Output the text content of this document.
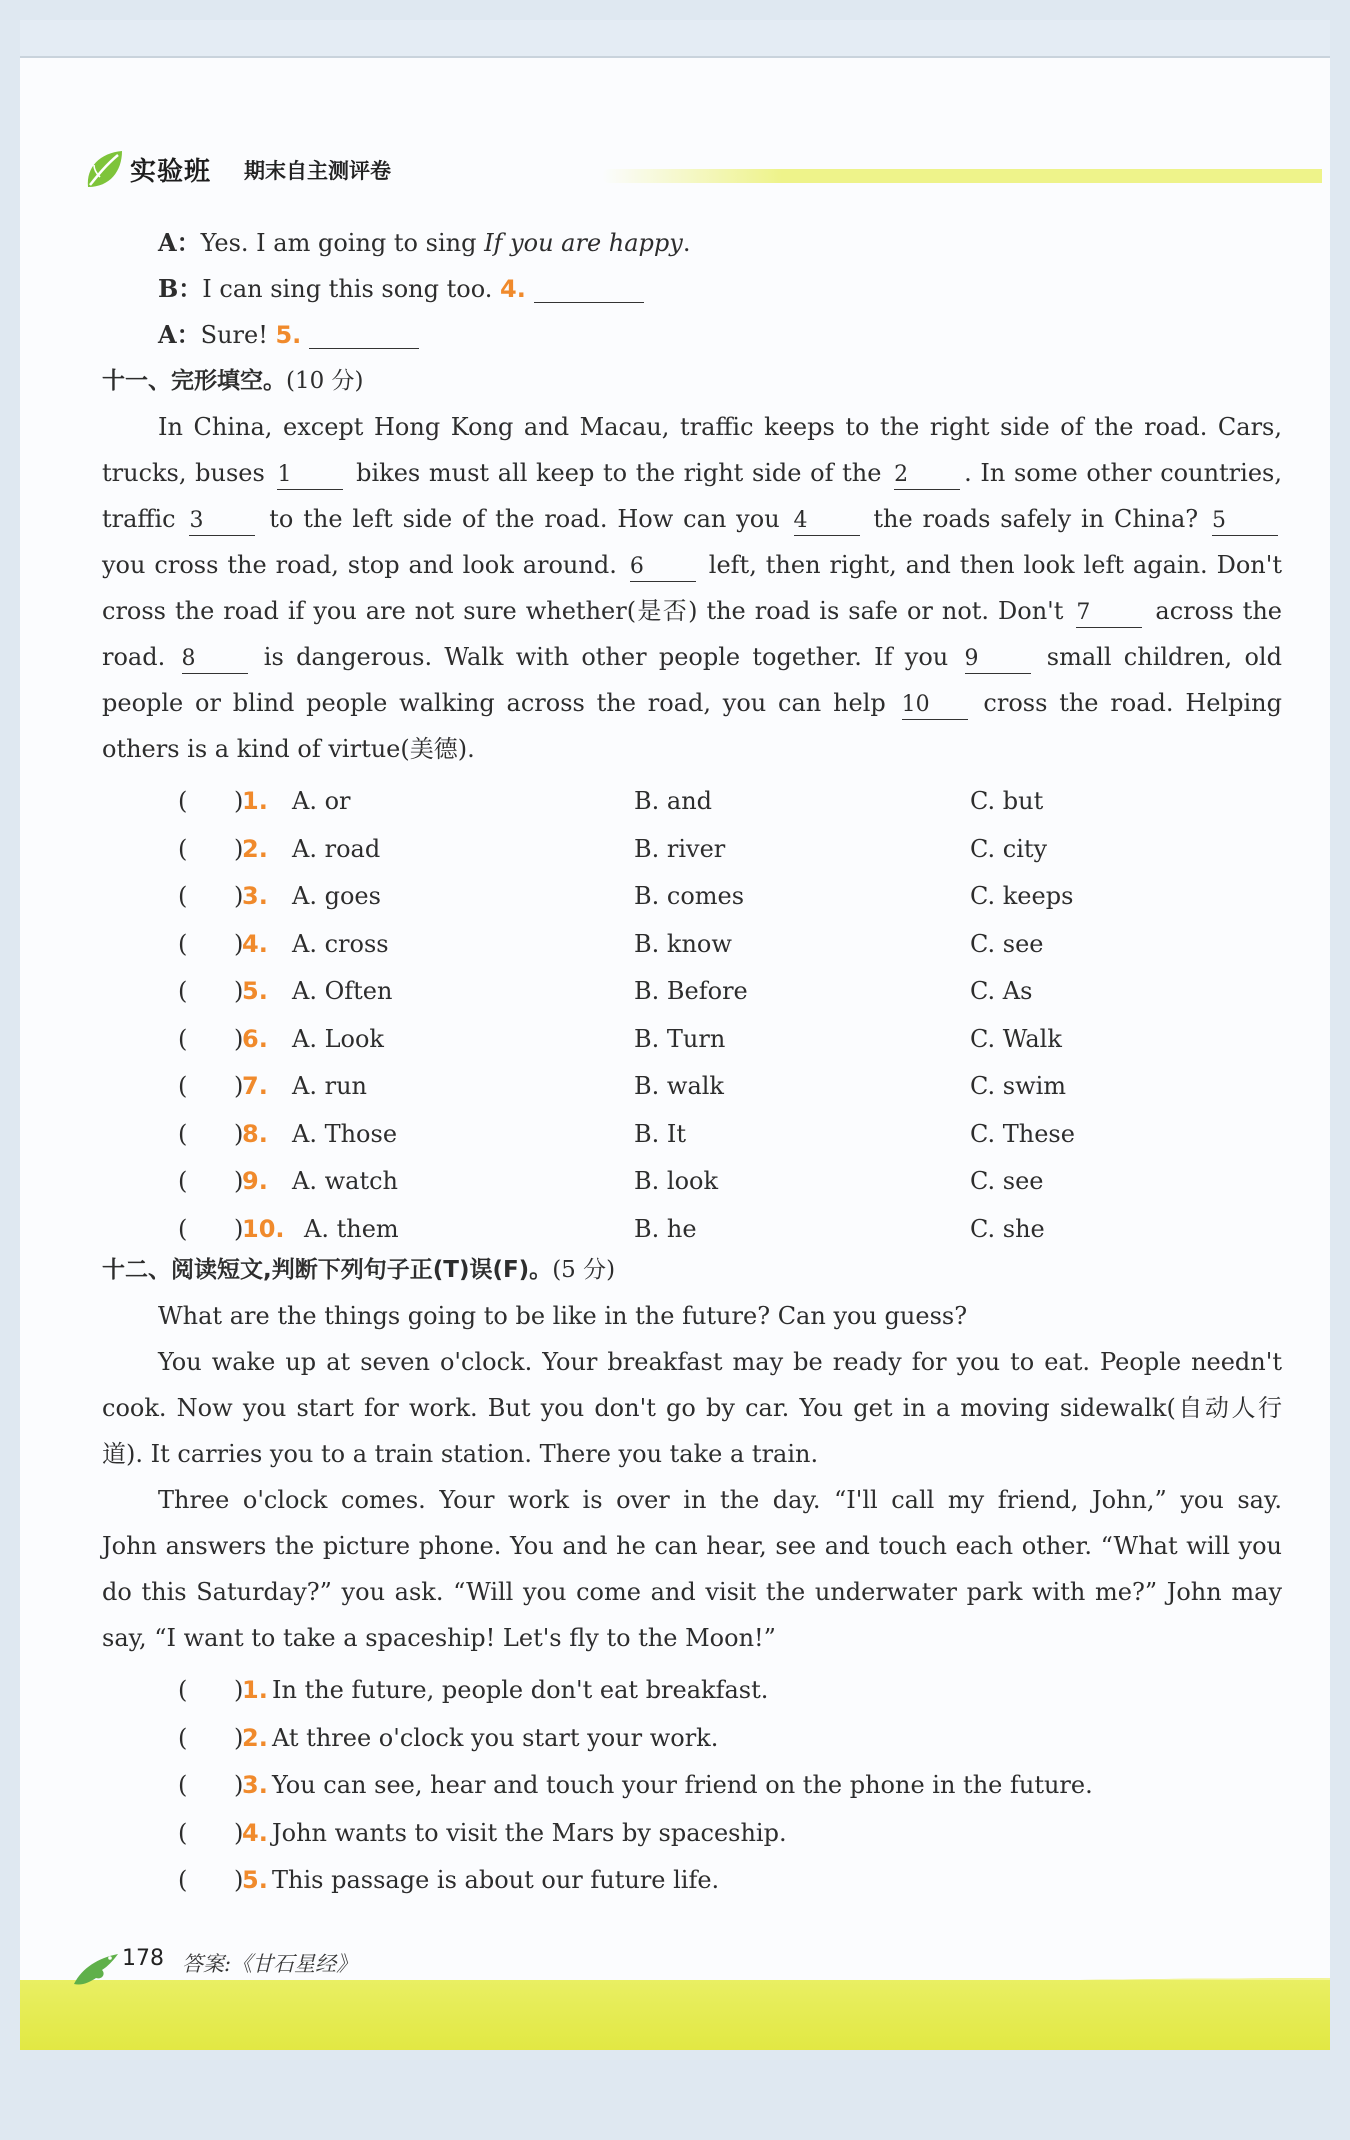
实验班 期末自主测评卷
A：Yes. I am going to sing If you are happy.
B：I can sing this song too. 4.
A：Sure! 5.
十一、完形填空。(10 分)
In China, except Hong Kong and Macau, traffic keeps to the right side of the road. Cars,
trucks, buses 1	bikes must all keep to the right side of the 2 . In some other countries,
traffic 3	to the left side of the road. How can you 4	the roads safely in China? 5
you cross the road, stop and look around. 6	left, then right, and then look left again. Don't
cross the road if you are not sure whether(是否) the road is safe or not. Don't 7	across the
road. 8	is dangerous. Walk with other people together. If you 9	small children, old
people or blind people walking across the road, you can help 10 cross the road. Helping
others is a kind of virtue(美德).
( )
1. A. or	B. and	C. but
( )
2. A. road	B. river	C. city
( )
3. A. goes	B. comes	C. keeps
( )
4. A. cross	B. know	C. see
( )
5. A. Often	B. Before	C. As
( )
6. A. Look	B. Turn	C. Walk
( )
7. A. run	B. walk	C. swim
( )
8. A. Those	B. It	C. These
( )
9. A. watch	B. look	C. see
( )
10. A. them	B. he	C. she
十二、阅读短文,判断下列句子正(T)误(F)。(5 分)
What are the things going to be like in the future? Can you guess?
You wake up at seven o'clock. Your breakfast may be ready for you to eat. People needn't
cook. Now you start for work. But you don't go by car. You get in a moving sidewalk(自动人行
道). It carries you to a train station. There you take a train.
Three o'clock comes. Your work is over in the day. “I'll call my friend, John,” you say.
John answers the picture phone. You and he can hear, see and touch each other. “What will you
do this Saturday?” you ask. “Will you come and visit the underwater park with me?” John may
say, “I want to take a spaceship! Let's fly to the Moon!”
( )
1. In the future, people don't eat breakfast.
( )
2. At three o'clock you start your work.
( )
3. You can see, hear and touch your friend on the phone in the future.
( )
4. John wants to visit the Mars by spaceship.
( )
5. This passage is about our future life.
178 答案:《甘石星经》
